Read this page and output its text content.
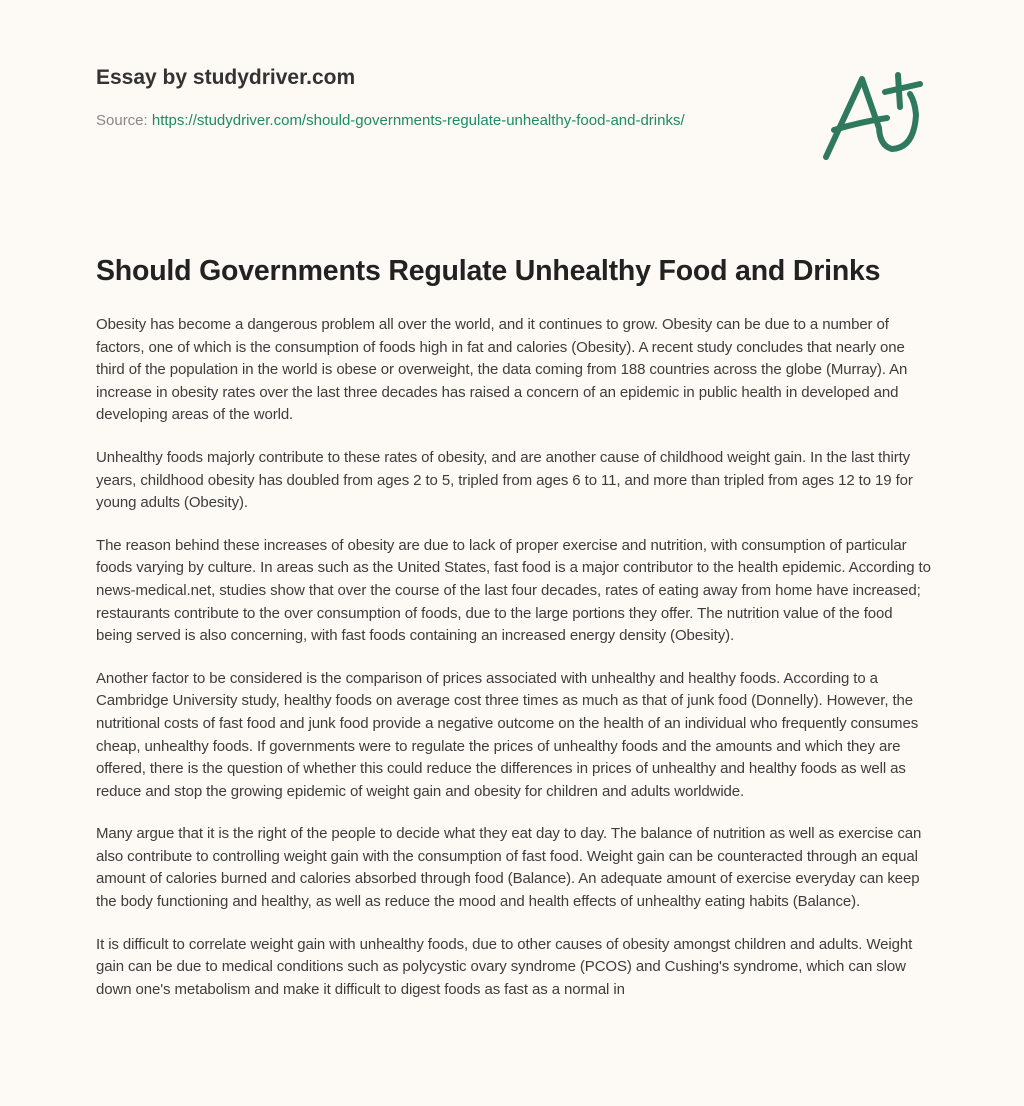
Essay by studydriver.com
Source: https://studydriver.com/should-governments-regulate-unhealthy-food-and-drinks/
Should Governments Regulate Unhealthy Food and Drinks

Obesity has become a dangerous problem all over the world, and it continues to grow. Obesity can be due to a number of factors, one of which is the consumption of foods high in fat and calories (Obesity). A recent study concludes that nearly one third of the population in the world is obese or overweight, the data coming from 188 countries across the globe (Murray). An increase in obesity rates over the last three decades has raised a concern of an epidemic in public health in developed and developing areas of the world.

Unhealthy foods majorly contribute to these rates of obesity, and are another cause of childhood weight gain. In the last thirty years, childhood obesity has doubled from ages 2 to 5, tripled from ages 6 to 11, and more than tripled from ages 12 to 19 for young adults (Obesity).

The reason behind these increases of obesity are due to lack of proper exercise and nutrition, with consumption of particular foods varying by culture. In areas such as the United States, fast food is a major contributor to the health epidemic. According to news-medical.net, studies show that over the course of the last four decades, rates of eating away from home have increased; restaurants contribute to the over consumption of foods, due to the large portions they offer. The nutrition value of the food being served is also concerning, with fast foods containing an increased energy density (Obesity).

Another factor to be considered is the comparison of prices associated with unhealthy and healthy foods. According to a Cambridge University study, healthy foods on average cost three times as much as that of junk food (Donnelly). However, the nutritional costs of fast food and junk food provide a negative outcome on the health of an individual who frequently consumes cheap, unhealthy foods. If governments were to regulate the prices of unhealthy foods and the amounts and which they are offered, there is the question of whether this could reduce the differences in prices of unhealthy and healthy foods as well as reduce and stop the growing epidemic of weight gain and obesity for children and adults worldwide.

Many argue that it is the right of the people to decide what they eat day to day. The balance of nutrition as well as exercise can also contribute to controlling weight gain with the consumption of fast food. Weight gain can be counteracted through an equal amount of calories burned and calories absorbed through food (Balance). An adequate amount of exercise everyday can keep the body functioning and healthy, as well as reduce the mood and health effects of unhealthy eating habits (Balance).

It is difficult to correlate weight gain with unhealthy foods, due to other causes of obesity amongst children and adults. Weight gain can be due to medical conditions such as polycystic ovary syndrome (PCOS) and Cushing's syndrome, which can slow down one's metabolism and make it difficult to digest foods as fast as a normal in
